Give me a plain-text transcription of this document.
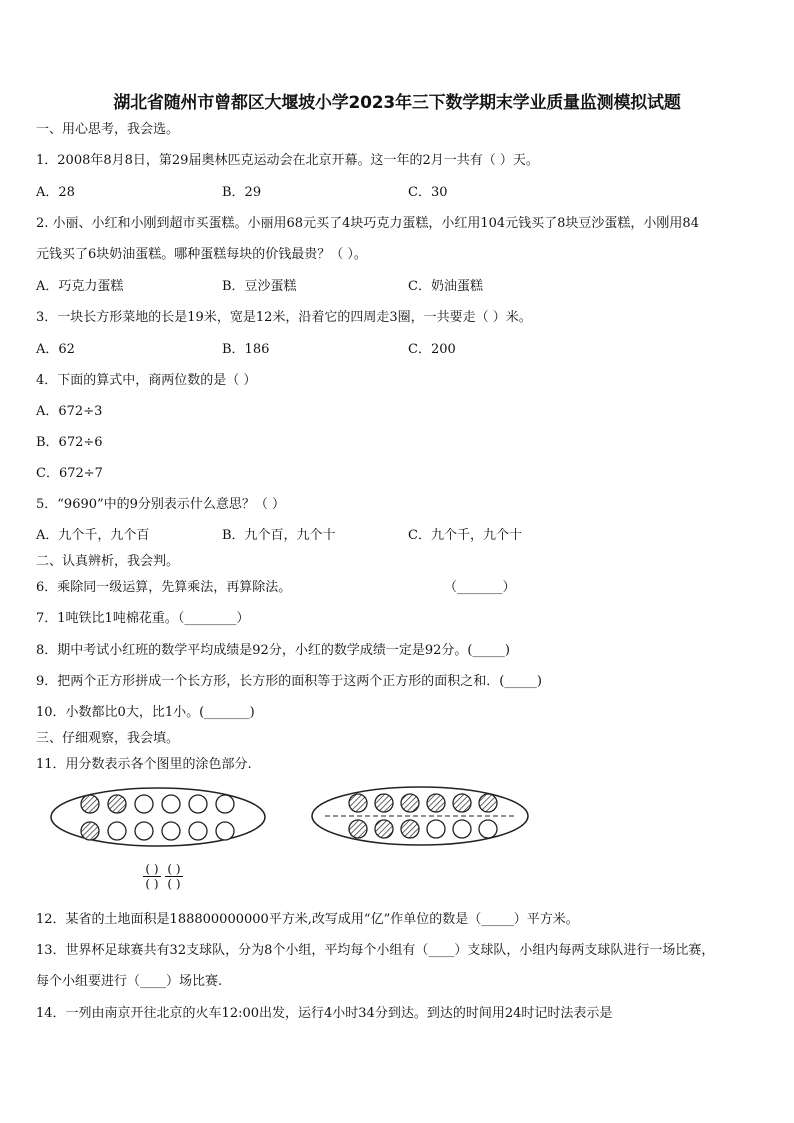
湖北省随州市曾都区大堰坡小学2023年三下数学期末学业质量监测模拟试题
一、用心思考，我会选。
1．2008年8月8日，第29届奥林匹克运动会在北京开幕。这一年的2月一共有（ ）天。
A．28	B．29	C．30
2. 小丽、小红和小刚到超市买蛋糕。小丽用68元买了4块巧克力蛋糕，小红用104元钱买了8块豆沙蛋糕，小刚用84
元钱买了6块奶油蛋糕。哪种蛋糕每块的价钱最贵？（ ）。
A．巧克力蛋糕	B．豆沙蛋糕	C．奶油蛋糕
3．一块长方形菜地的长是19米，宽是12米，沿着它的四周走3圈，一共要走（ ）米。
A．62	B．186	C．200
4．下面的算式中，商两位数的是（ ）
A．672÷3
B．672÷6
C．672÷7
5．“9690”中的9分别表示什么意思？（ ）
A．九个千，九个百	B．九个百，九个十	C．九个千，九个十
二、认真辨析，我会判。
6．乘除同一级运算，先算乘法，再算除法。	（_______）
7．1吨铁比1吨棉花重。（________）
8．期中考试小红班的数学平均成绩是92分，小红的数学成绩一定是92分。(_____)
9．把两个正方形拼成一个长方形，长方形的面积等于这两个正方形的面积之和．(_____)
10．小数都比0大，比1小。(_______)
三、仔细观察，我会填。
11．用分数表示各个图里的涂色部分.
( )
( )
( )
( )
12．某省的土地面积是188800000000平方米,改写成用“亿”作单位的数是（_____）平方米。
13．世界杯足球赛共有32支球队，分为8个小组，平均每个小组有（____）支球队，小组内每两支球队进行一场比赛，
每个小组要进行（____）场比赛.
14．一列由南京开往北京的火车12:00出发，运行4小时34分到达。到达的时间用24时记时法表示是
